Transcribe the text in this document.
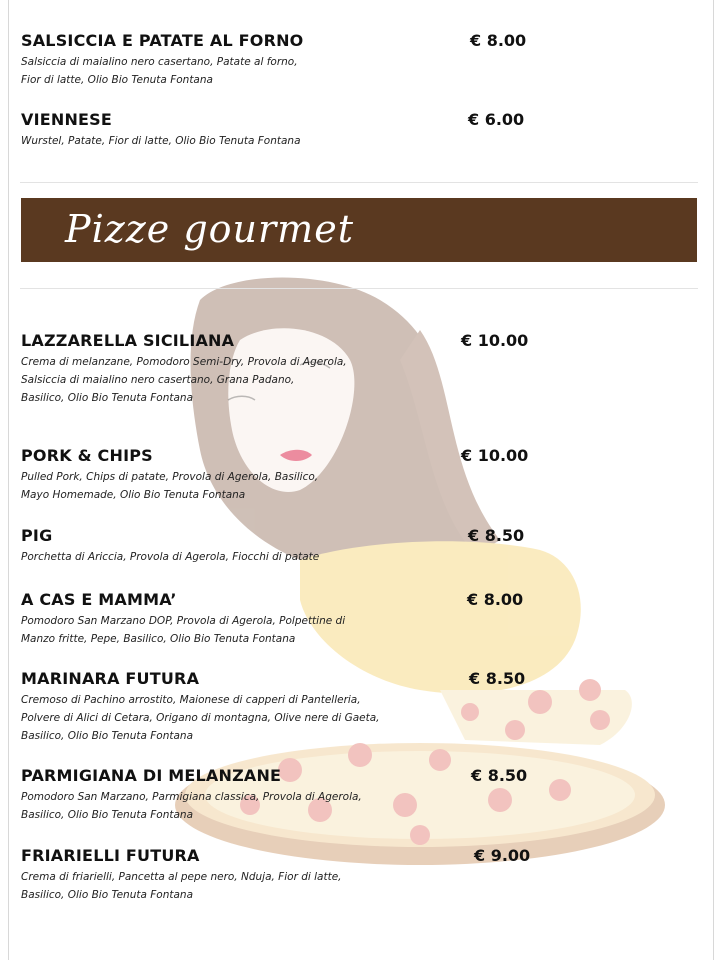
SALSICCIA E PATATE AL FORNO
Salsiccia di maialino nero casertano, Patate al forno,
Fior di latte, Olio Bio Tenuta Fontana
€ 8.00
VIENNESE
Wurstel, Patate, Fior di latte, Olio Bio Tenuta Fontana
€ 6.00
Pizze gourmet
LAZZARELLA SICILIANA
Crema di melanzane, Pomodoro Semi-Dry, Provola di Agerola,
Salsiccia di maialino nero casertano, Grana Padano,
Basilico, Olio Bio Tenuta Fontana
€ 10.00
PORK & CHIPS
Pulled Pork, Chips di patate, Provola di Agerola, Basilico,
Mayo Homemade, Olio Bio Tenuta Fontana
€ 10.00
PIG
Porchetta di Ariccia, Provola di Agerola, Fiocchi di patate
€ 8.50
A CAS E MAMMA’
Pomodoro San Marzano DOP, Provola di Agerola, Polpettine di
Manzo fritte, Pepe, Basilico, Olio Bio Tenuta Fontana
€ 8.00
MARINARA FUTURA
Cremoso di Pachino arrostito, Maionese di capperi di Pantelleria,
Polvere di Alici di Cetara, Origano di montagna, Olive nere di Gaeta,
Basilico, Olio Bio Tenuta Fontana
€ 8.50
PARMIGIANA DI MELANZANE
Pomodoro San Marzano, Parmigiana classica, Provola di Agerola,
Basilico, Olio Bio Tenuta Fontana
€ 8.50
FRIARIELLI FUTURA
Crema di friarielli, Pancetta al pepe nero, Nduja, Fior di latte,
Basilico, Olio Bio Tenuta Fontana
€ 9.00
